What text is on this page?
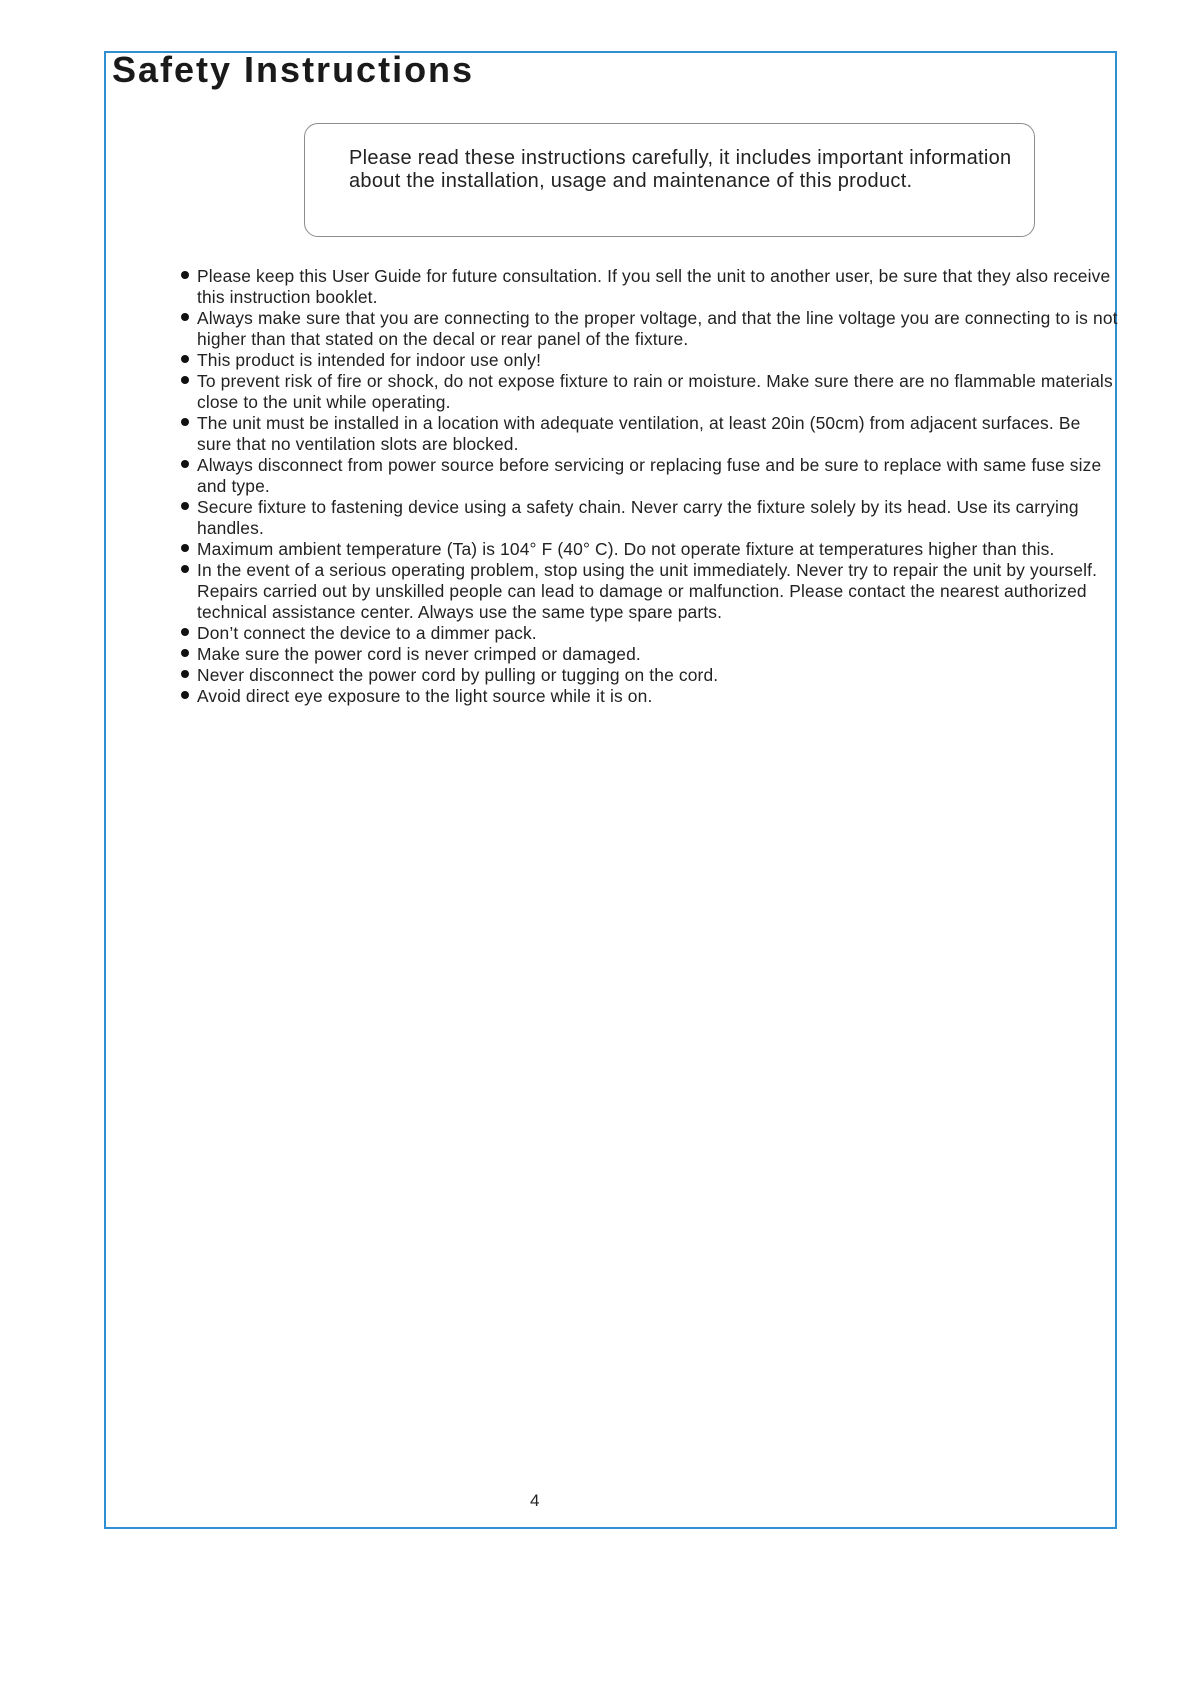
Safety Instructions

Please read these instructions carefully, it includes important information about the installation, usage and maintenance of this product.

Please keep this User Guide for future consultation. If you sell the unit to another user, be sure that they also receive this instruction booklet.
Always make sure that you are connecting to the proper voltage, and that the line voltage you are connecting to is not higher than that stated on the decal or rear panel of the fixture.
This product is intended for indoor use only!
To prevent risk of fire or shock, do not expose fixture to rain or moisture. Make sure there are no flammable materials close to the unit while operating.
The unit must be installed in a location with adequate ventilation, at least 20in (50cm) from adjacent surfaces. Be sure that no ventilation slots are blocked.
Always disconnect from power source before servicing or replacing fuse and be sure to replace with same fuse size and type.
Secure fixture to fastening device using a safety chain. Never carry the fixture solely by its head. Use its carrying handles.
Maximum ambient temperature (Ta) is 104° F (40° C). Do not operate fixture at temperatures higher than this.
In the event of a serious operating problem, stop using the unit immediately. Never try to repair the unit by yourself. Repairs carried out by unskilled people can lead to damage or malfunction. Please contact the nearest authorized technical assistance center. Always use the same type spare parts.
Don’t connect the device to a dimmer pack.
Make sure the power cord is never crimped or damaged.
Never disconnect the power cord by pulling or tugging on the cord.
Avoid direct eye exposure to the light source while it is on.
4
